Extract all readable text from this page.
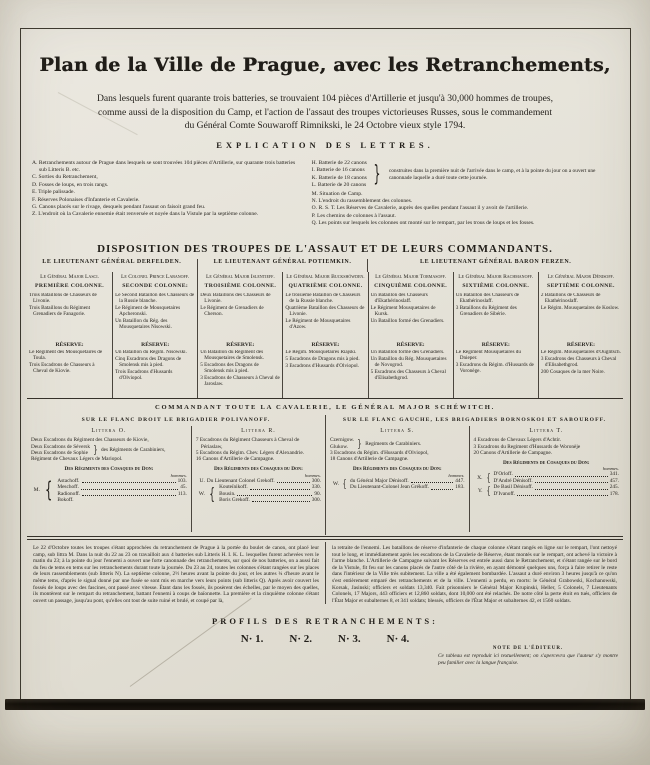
Plan de la Ville de Prague, avec les Retranchements,
Dans lesquels furent quarante trois batteries, se trouvaient 104 pièces d'Artillerie et jusqu'à 30,000 hommes de troupes,
comme aussi de la disposition du Camp, et l'action de l'assaut des troupes victorieuses Russes, sous le commandement
du Général Comte Souwaroff Rimnikski, le 24 Octobre vieux style 1794.
EXPLICATION DES LETTRES.
A. Retranchements autour de Prague dans lesquels se sont trouvées 104 pièces d'Artillerie, sur quarante trois batteries sub Litteris B. etc.
C. Sorties du Retranchement,
D. Fosses de loups, en trois rangs.
E. Triple palissade.
F. Réserves Polonaises d'Infanterie et Cavalerie.
G. Canons placés sur le rivage, desquels pendant l'assaut on faisoit grand feu.
Z. L'endroit où la Cavalerie ennemie était renversée et noyée dans la Vistule par la septième colonne.
H. Batterie de 22 canons
I. Batterie de 16 canons
K. Batterie de 18 canons
L. Batterie de 20 canons }	construites dans la première nuit de l'arrivée dans le camp, et à la pointe du jour on a ouvert une canonnade laquelle a duré toute cette journée.
M. Situation de Camp.
N. L'endroit du rassemblement des colonnes.
O. R. S. T. Les Réserves de Cavalerie, auprès des quelles pendant l'assaut il y avoit de l'artillerie.
P. Les chemins de colonnes à l'assaut.
Q. Les points sur lesquels les colonnes ont monté sur le rempart, par les trous de loups et les fosses.
DISPOSITION DES TROUPES DE L'ASSAUT ET DE LEURS COMMANDANTS.
LE LIEUTENANT GÉNÉRAL DERFELDEN.	LE LIEUTENANT GÉNÉRAL POTIEMKIN.	LE LIEUTENANT GÉNÉRAL BARON FERZEN.
Le Général Major Lasci.
PREMIÈRE COLONNE.
Trois Bataillons de Chasseurs de Livonie.
Trois Bataillons du Régiment Grenadiers de Fanagorie.
RÉSERVE:
Le Régiment des Mousquetaires de Toula.
Trois Escadrons de Chasseurs à Cheval de Kiovie.
Le Colonel Prince Labanoff.
SECONDE COLONNE:
Le Second Bataillon des Chasseurs de la Russie blanche.
Le Régiment de Mousquetaires Apcheronski.
Un Bataillon du Rég. des Mousquetaires Nisowski.
RÉSERVE:
Un Bataillon du Régim. Nisowski.
Cinq Escadrons des Dragons de Smolensk mis à pied.
Trois Escadrons d'Hussards d'Olviopol.
Le Général Major Islentieff.
TROISIÈME COLONNE.
Deux Bataillons des Chasseurs de Livonie.
Le Régiment de Grenadiers de Cherson.
RÉSERVE:
Un Bataillon du Régiment des Mousquetaires de Smolensk.
5 Escadrons des Dragons de Smolensk mis à pied.
3 Escadrons de Chasseurs à Cheval de Jaroslaw.
Le Général Major Buckshöwden.
QUATRIÈME COLONNE.
Le troisième Bataillon de Chasseurs de la Russie blanche.
Quatrième Bataillon des Chasseurs de Livonie.
Le Régiment de Mousquetaires d'Azow.
RÉSERVE:
Le Régim. Mousquetaires Riajski.
5 Escadrons de Dragons mis à pied.
3 Escadrons d'Hussards d'Olviopol.
Le Général Major Tormasoff.
CINQUIÈME COLONNE.
Un Bataillon des Chasseurs d'Ekathérinoslaff.
Le Régiment Mousquetaires de Kursk.
Un Bataillon formé des Grenadiers.
RÉSERVE:
Un Bataillon formé des Grenadiers.
Un Bataillon du Rég. Mousquetaires de Novogrod.
5 Escadrons des Chasseurs à Cheval d'Elisabethgrod.
Le Général Major Rachmanoff.
SIXTIÈME COLONNE.
Un Bataillon des Chasseurs de Ekathérinoslaff.
3 Bataillons du Régiment des Grenadiers de Sibérie.
RÉSERVE:
Le Régiment Mousquetaires du Dnieper.
3 Escadrons du Régim. d'Hussards de Voronège.
Le Général Major Dénisoff.
SEPTIÈME COLONNE.
2 Bataillons de Chasseurs de Ekathérinoslaff.
Le Régim. Mousquetaires de Koslow.
RÉSERVE:
Le Régim. Mousquetaires d'Ouglitsch.
3 Escadrons des Chasseurs à Cheval d'Elisabethgrod.
200 Cosaques de la mer Noire.
COMMANDANT TOUTE LA CAVALERIE, LE GÉNÉRAL MAJOR SCHÉWITCH.
SUR LE FLANC DROIT LE BRIGADIER POLIVANOFF.
Littera O.
Deux Escadrons du Régiment des Chasseurs de Kiovie,
Deux Escadrons de Séversk
Deux Escadrons de Sophie } des Régiments de Carabiniers,
Régiment de Chevaux Légers de Mariopol.
Des Régiments des Cosaques du Don:
hommes.
M. { Astachoff.	103.
Meschoff.	45.
Radionoff.	113.
Bokoff.
Littera R.
7 Escadrons du Régiment Chasseurs à Cheval de Périaslaw,
5 Escadrons du Régim. Chev. Légers d'Alexandrie.
16 Canons d'Artillerie de Campagne.
Des Régiments des Cosaques du Don:
hommes.
U. Du Lieutenant Colonel Grekoff.	300.
W. { Kouteïnikoff.	330.
Bousin.	90.
Boris Grekoff.	300.
SUR LE FLANC GAUCHE, LES BRIGADIERS BORNOSKOI ET SABOUROFF.
Littera S.
Czernigow.
Glukow. } Regiments de Carabiniers.
3 Escadrons du Régim. d'Hussards d'Olviopol,
18 Canons d'Artillerie de Campagne.
Des Régiments des Cosaques du Don:
hommes.
W. { du Général Major Dénisoff.	447.
Du Lieutenant-Colonel Jean Grékoff.	183.
Littera T.
4 Escadrons de Chevaux Légers d'Achtir.
3 Escadrons du Regiment d'Hussards de Woronèje
20 Canons d'Artillerie de Campagne.
Des Régiments de Cosaques du Don:
hommes.
X. { D'Orloff.	341.
D'André Dénisoff.	457.
Y. { De Basil Dénisoff.	245.
D'Ivanoff.	178.
Le 22 d'Octobre toutes les troupes s'étant approchées du retranchement de Prague à la portée du boulet de canon, ont placé leur camp, sub littra M. Dans la nuit du 22 au 23 on travailloit aux 4 batteries sub Litteris H. I. K. L. lesquelles furent achevées vers le matin du 23; à la pointe du jour l'ennemi a ouvert une forte canonnade des retranchements, sur quoi de nos batteries, on a aussi fait du feu de tems en tems sur les retranchements durant toute la journée. Du 23 au 24, toutes les colonnes s'étant rangées sur les places de leurs rassemblements (sub litteris N). La septième colonne, 2½ heures avant la pointe du jour, et les autres ¼ d'heure avant le même tems, d'après le signal donné par une fusée se sont mis en marche vers leurs points (sub litteris Q). Après avoir couvert les fossés de loups avec des fascines, ont passé avec vitesse. Étant dans les fossés, ils posèrent des échelles, par le moyen des quelles, ils montèrent sur le rempart du retranchement, battant l'ennemi à coups de baïonnette. La première et la cinquième colonne s'étant ouvert un passage, jusqu'au pont, qu'elles ont tout de suite ruiné et brulé, et coupé par là,
la retraite de l'ennemi. Les bataillons de réserve d'infanterie de chaque colonne s'étant rangés en ligne sur le rempart, l'ont nettoyé tout le long, et immédiatement après les escadrons de la Cavalerie de Réserve, étant montés sur le rempart, ont achevé la victoire à l'arme blanche. L'Artillerie de Campagne suivant les Réserves est entrée aussi dans le Retranchement, et s'étant rangée sur le bord de la Vistule, fit feu sur les canons placés de l'autre côté de la rivière, en ayant démonté quelques uns, força à faire retirer le reste dans l'intérieur de la Ville très subitement. La ville a été également bombardée. L'assaut a duré environ 3 heures jusqu'à ce qu'on s'est entièrement emparé des retranchements et de la ville. L'ennemi a perdu, en morts: le Général Grabowski, Kochanowski, Korsak, Jasinski; officiers et soldats 13,340. Fait prisonniers le Général Major Krupinski, Heller, 5 Colonels, 7 Lieutenants Colonels, 17 Majors, 443 officiers et 12,860 soldats, dont 10,000 ont été relachés. De notre côté la perte étoit en tués, officiers de l'État Major et subalternes 8, et 341 soldats; blessés, officiers de l'État Major et subalternes 42, et 1560 soldats.
PROFILS DES RETRANCHEMENTS:
N· 1. N· 2. N· 3. N· 4.
NOTE DE L'ÉDITEUR.
Ce tableau est reproduit ici textuellement; on s'apercevra que l'auteur s'y montre peu familier avec la langue française.
